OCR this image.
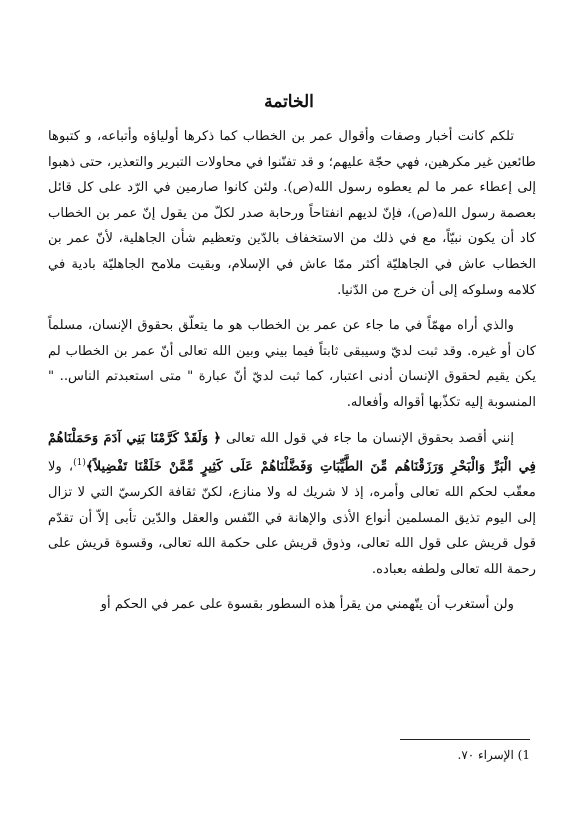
الخاتمة

تلكم كانت أخبار وصفات وأقوال عمر بن الخطاب كما ذكرها أولياؤه وأتباعه، و كتبوها طائعين غير مكرهين، فهي حجّة عليهم؛ و قد تفنّنوا في محاولات التبرير والتعذير، حتى ذهبوا إلى إعطاء عمر ما لم يعطوه رسول الله(ص). ولئن كانوا صارمين في الرّد على كل قائل بعصمة رسول الله(ص)، فإنّ لديهم انفتاحاً ورحابة صدر لكلّ من يقول إنّ عمر بن الخطاب كاد أن يكون نبيّاً، مع في ذلك من الاستخفاف بالدّين وتعظيم شأن الجاهلية، لأنّ عمر بن الخطاب عاش في الجاهليّة أكثر ممّا عاش في الإسلام، وبقيت ملامح الجاهليّة بادية في كلامه وسلوكه إلى أن خرج من الدّنيا.

والذي أراه مهمّاً في ما جاء عن عمر بن الخطاب هو ما يتعلّق بحقوق الإنسان، مسلماً كان أو غيره. وقد ثبت لديّ وسيبقى ثابتاً فيما بيني وبين الله تعالى أنّ عمر بن الخطاب لم يكن يقيم لحقوق الإنسان أدنى اعتبار، كما ثبت لديّ أنّ عبارة " متى استعبدتم الناس.. " المنسوبة إليه تكذّبها أقواله وأفعاله.

إنني أقصد بحقوق الإنسان ما جاء في قول الله تعالى ﴿ وَلَقَدْ كَرَّمْنَا بَنِي آدَمَ وَحَمَلْنَاهُمْ فِي الْبَرِّ وَالْبَحْرِ وَرَزَقْنَاهُم مِّنَ الطَّيِّبَاتِ وَفَضَّلْنَاهُمْ عَلَى كَثِيرٍ مِّمَّنْ خَلَقْنَا تَفْضِيلاً﴾$^{(1)}$، ولا معقّب لحكم الله تعالى وأمره، إذ لا شريك له ولا منازع، لكنّ ثقافة الكرسيّ التي لا تزال إلى اليوم تذيق المسلمين أنواع الأذى والإهانة في النّفس والعقل والدّين تأبى إلاّ أن تقدّم قول قريش على قول الله تعالى، وذوق قريش على حكمة الله تعالى، وقسوة قريش على رحمة الله تعالى ولطفه بعباده.

ولن أستغرب أن يتّهمني من يقرأ هذه السطور بقسوة على عمر في الحكم أو

1) الإسراء ٧٠.
